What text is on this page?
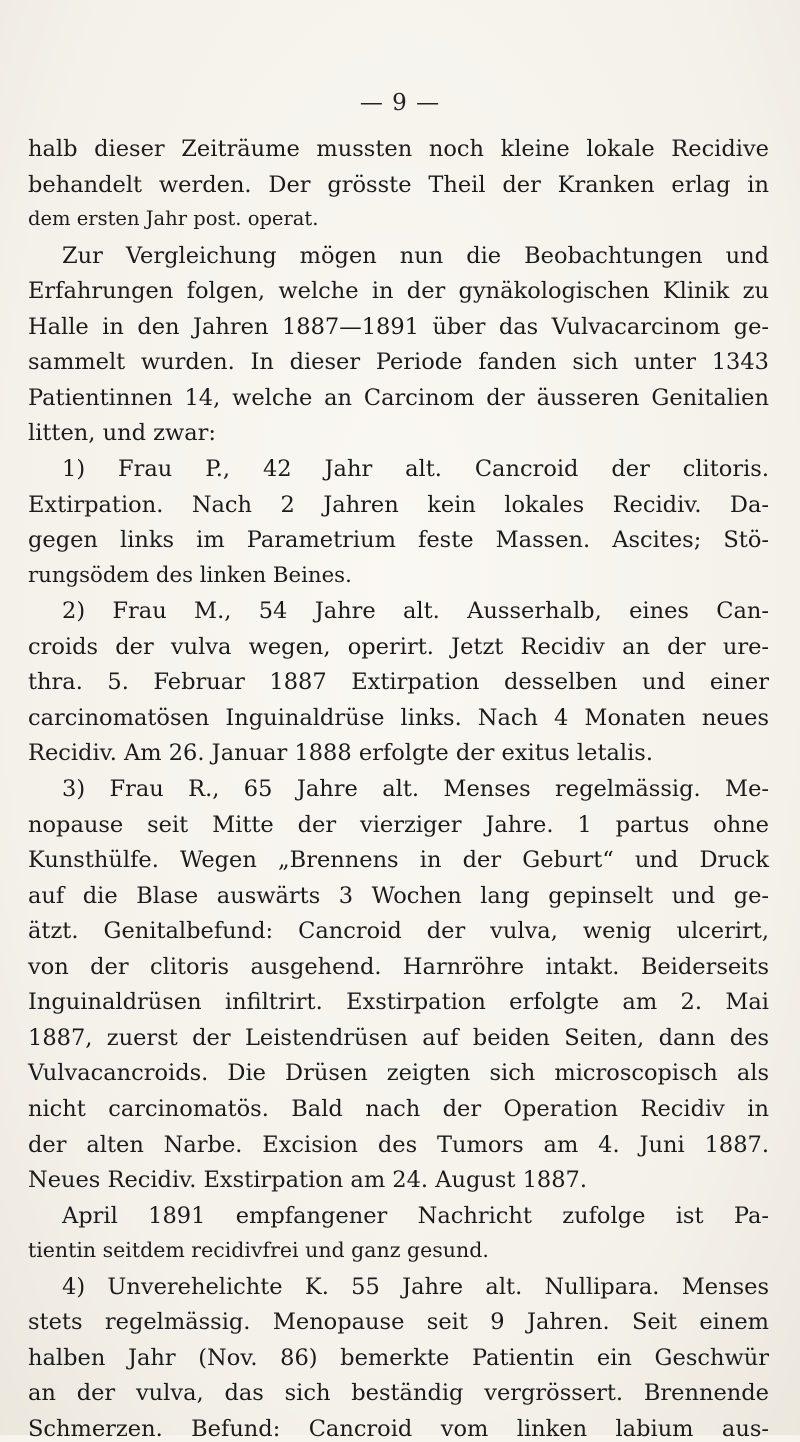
— 9 —
halb dieser Zeiträume mussten noch kleine lokale Recidive
behandelt werden. Der grösste Theil der Kranken erlag in
dem ersten Jahr post. operat.
Zur Vergleichung mögen nun die Beobachtungen und
Erfahrungen folgen, welche in der gynäkologischen Klinik zu
Halle in den Jahren 1887—1891 über das Vulvacarcinom ge-
sammelt wurden. In dieser Periode fanden sich unter 1343
Patientinnen 14, welche an Carcinom der äusseren Genitalien
litten, und zwar:
1) Frau P., 42 Jahr alt. Cancroid der clitoris.
Extirpation. Nach 2 Jahren kein lokales Recidiv. Da-
gegen links im Parametrium feste Massen. Ascites; Stö-
rungsödem des linken Beines.
2) Frau M., 54 Jahre alt. Ausserhalb, eines Can-
croids der vulva wegen, operirt. Jetzt Recidiv an der ure-
thra. 5. Februar 1887 Extirpation desselben und einer
carcinomatösen Inguinaldrüse links. Nach 4 Monaten neues
Recidiv. Am 26. Januar 1888 erfolgte der exitus letalis.
3) Frau R., 65 Jahre alt. Menses regelmässig. Me-
nopause seit Mitte der vierziger Jahre. 1 partus ohne
Kunsthülfe. Wegen „Brennens in der Geburt“ und Druck
auf die Blase auswärts 3 Wochen lang gepinselt und ge-
ätzt. Genitalbefund: Cancroid der vulva, wenig ulcerirt,
von der clitoris ausgehend. Harnröhre intakt. Beiderseits
Inguinaldrüsen infiltrirt. Exstirpation erfolgte am 2. Mai
1887, zuerst der Leistendrüsen auf beiden Seiten, dann des
Vulvacancroids. Die Drüsen zeigten sich microscopisch als
nicht carcinomatös. Bald nach der Operation Recidiv in
der alten Narbe. Excision des Tumors am 4. Juni 1887.
Neues Recidiv. Exstirpation am 24. August 1887.
April 1891 empfangener Nachricht zufolge ist Pa-
tientin seitdem recidivfrei und ganz gesund.
4) Unverehelichte K. 55 Jahre alt. Nullipara. Menses
stets regelmässig. Menopause seit 9 Jahren. Seit einem
halben Jahr (Nov. 86) bemerkte Patientin ein Geschwür
an der vulva, das sich beständig vergrössert. Brennende
Schmerzen. Befund: Cancroid vom linken labium aus-
